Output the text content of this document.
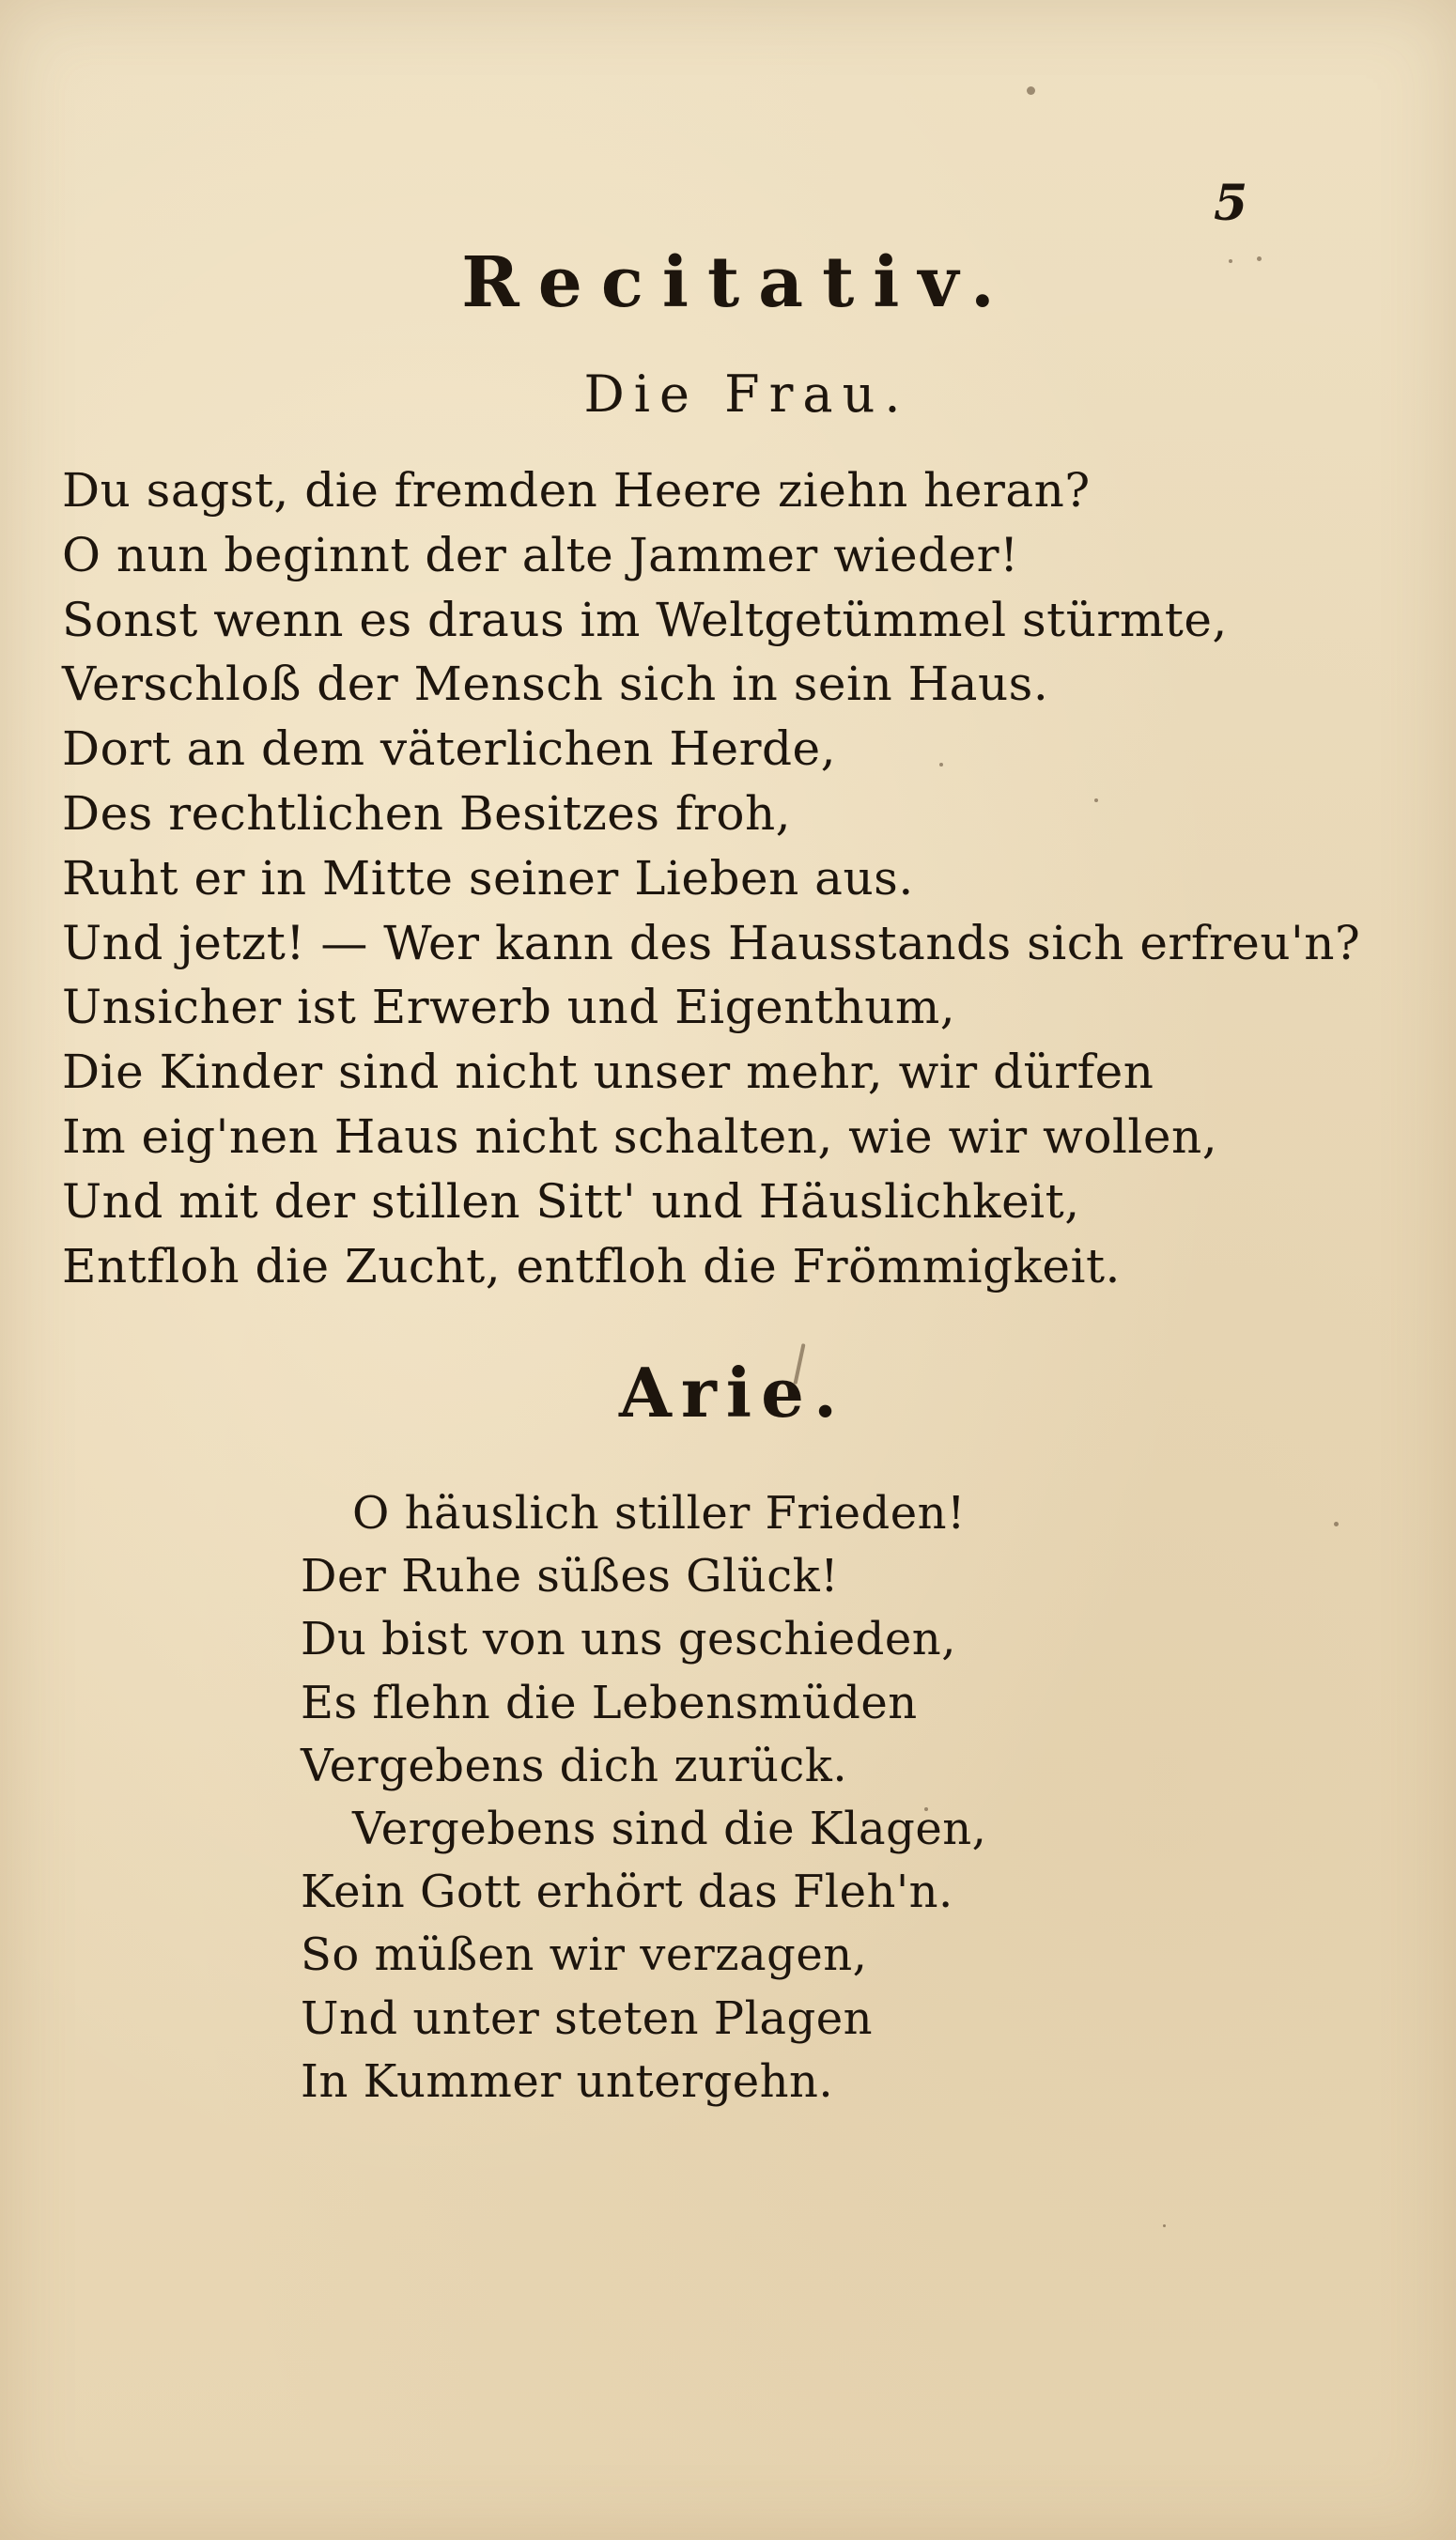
5
Recitativ.
Die Frau.
Du sagst, die fremden Heere ziehn heran?
O nun beginnt der alte Jammer wieder!
Sonst wenn es draus im Weltgetümmel stürmte,
Verschloß der Mensch sich in sein Haus.
Dort an dem väterlichen Herde,
Des rechtlichen Besitzes froh,
Ruht er in Mitte seiner Lieben aus.
Und jetzt! — Wer kann des Hausstands sich erfreu'n?
Unsicher ist Erwerb und Eigenthum,
Die Kinder sind nicht unser mehr, wir dürfen
Im eig'nen Haus nicht schalten, wie wir wollen,
Und mit der stillen Sitt' und Häuslichkeit,
Entfloh die Zucht, entfloh die Frömmigkeit.
Arie.
O häuslich stiller Frieden!
Der Ruhe süßes Glück!
Du bist von uns geschieden,
Es flehn die Lebensmüden
Vergebens dich zurück.
Vergebens sind die Klagen,
Kein Gott erhört das Fleh'n.
So müßen wir verzagen,
Und unter steten Plagen
In Kummer untergehn.
